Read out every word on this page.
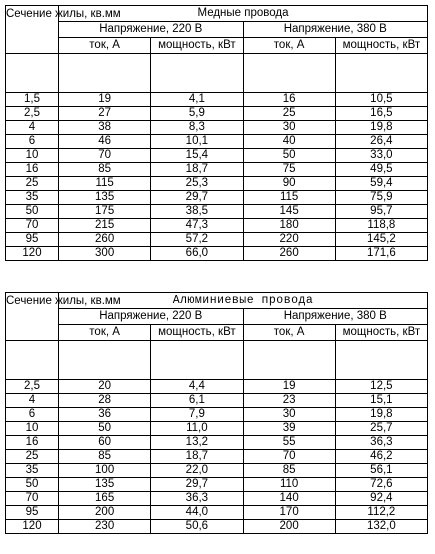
Сечение жилы, кв.мм	Медные провода			
	Напряжение, 220 В		Напряжение, 380 В	
	ток, А	мощность, кВт	ток, А	мощность, кВт

1,5	19	4,1	16	10,5
2,5	27	5,9	25	16,5
4	38	8,3	30	19,8
6	46	10,1	40	26,4
10	70	15,4	50	33,0
16	85	18,7	75	49,5
25	115	25,3	90	59,4
35	135	29,7	115	75,9
50	175	38,5	145	95,7
70	215	47,3	180	118,8
95	260	57,2	220	145,2
120	300	66,0	260	171,6
Сечение жилы, кв.мм	Алюминиевые провода			
	Напряжение, 220 В		Напряжение, 380 В	
	ток, А	мощность, кВт	ток, А	мощность, кВт

2,5	20	4,4	19	12,5
4	28	6,1	23	15,1
6	36	7,9	30	19,8
10	50	11,0	39	25,7
16	60	13,2	55	36,3
25	85	18,7	70	46,2
35	100	22,0	85	56,1
50	135	29,7	110	72,6
70	165	36,3	140	92,4
95	200	44,0	170	112,2
120	230	50,6	200	132,0
